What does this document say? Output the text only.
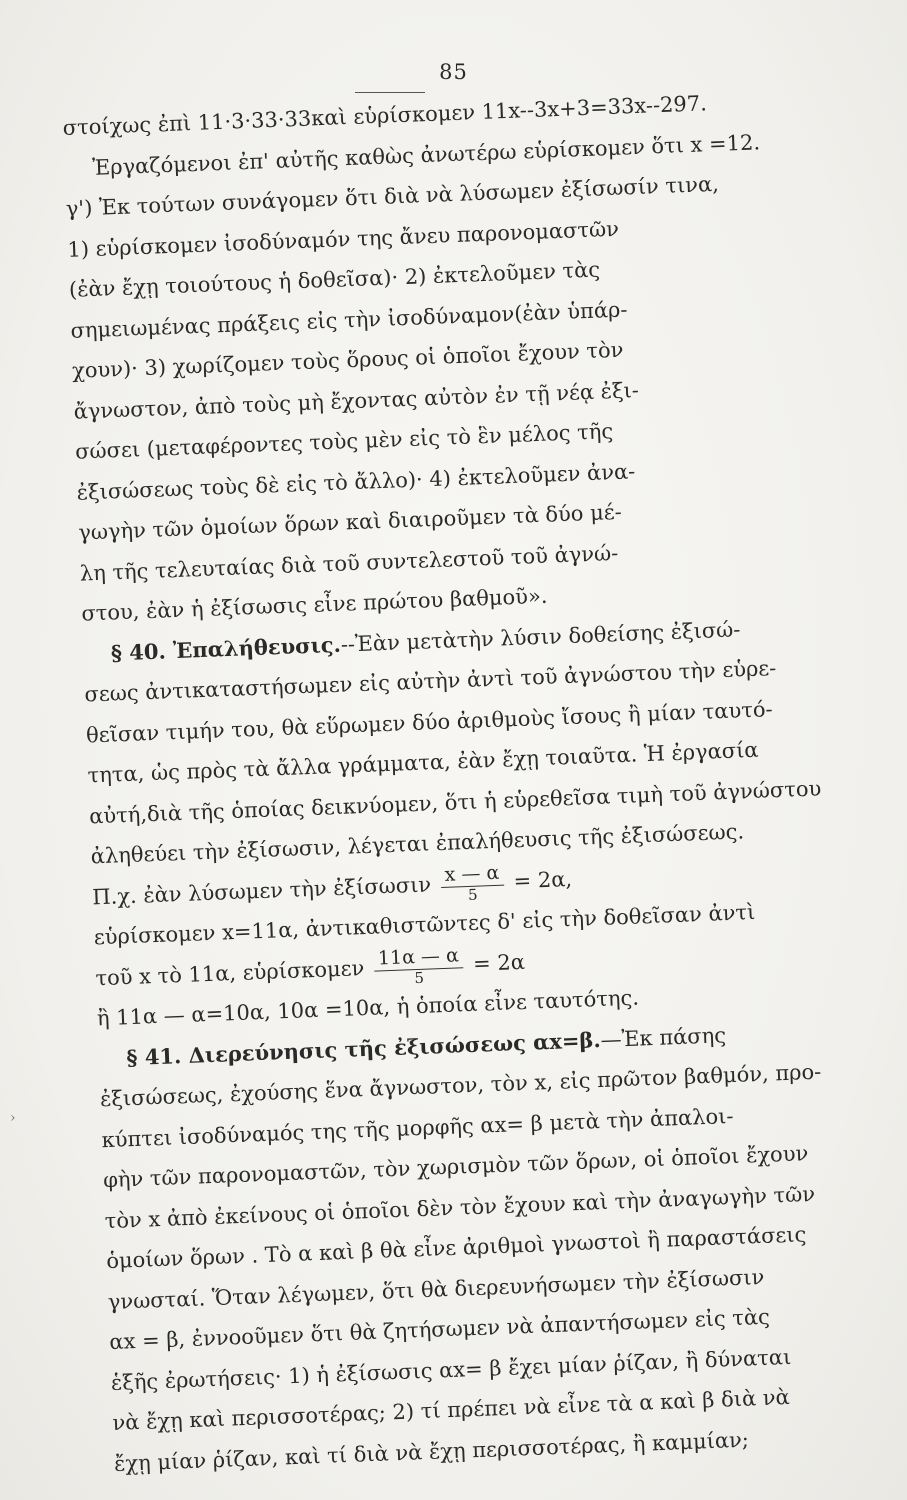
85
›
στοίχως ἐπὶ 11·3·33·33καὶ εὑρίσκομεν 11x--3x+3=33x--297.
Ἐργαζόμενοι ἐπ' αὐτῆς καθὼς ἀνωτέρω εὑρίσκομεν ὅτι x =12.
γ') Ἐκ τούτων συνάγομεν ὅτι διὰ νὰ λύσωμεν ἐξίσωσίν τινα,
1) εὑρίσκομεν ἰσοδύναμόν της ἄνευ παρονομαστῶν
(ἐὰν ἔχῃ τοιούτους ἡ δοθεῖσα)· 2) ἐκτελοῦμεν τὰς
σημειωμένας πράξεις εἰς τὴν ἰσοδύναμον(ἐὰν ὑπάρ-
χουν)· 3) χωρίζομεν τοὺς ὅρους οἱ ὁποῖοι ἔχουν τὸν
ἄγνωστον, ἀπὸ τοὺς μὴ ἔχοντας αὐτὸν ἐν τῇ νέᾳ ἐξι-
σώσει (μεταφέροντες τοὺς μὲν εἰς τὸ ἓν μέλος τῆς
ἐξισώσεως τοὺς δὲ εἰς τὸ ἄλλο)· 4) ἐκτελοῦμεν ἀνα-
γωγὴν τῶν ὁμοίων ὅρων καὶ διαιροῦμεν τὰ δύο μέ-
λη τῆς τελευταίας διὰ τοῦ συντελεστοῦ τοῦ ἀγνώ-
στου, ἐὰν ἡ ἐξίσωσις εἶνε πρώτου βαθμοῦ».
§ 40. Ἐπαλήθευσις.--Ἐὰν μετὰτὴν λύσιν δοθείσης ἐξισώ-
σεως ἀντικαταστήσωμεν εἰς αὐτὴν ἀντὶ τοῦ ἀγνώστου τὴν εὑρε-
θεῖσαν τιμήν του, θὰ εὕρωμεν δύο ἀριθμοὺς ἴσους ἢ μίαν ταυτό-
τητα, ὡς πρὸς τὰ ἄλλα γράμματα, ἐὰν ἔχῃ τοιαῦτα. Ἡ ἐργασία
αὐτή,διὰ τῆς ὁποίας δεικνύομεν, ὅτι ἡ εὑρεθεῖσα τιμὴ τοῦ ἀγνώστου
ἀληθεύει τὴν ἐξίσωσιν, λέγεται ἐπαλήθευσις τῆς ἐξισώσεως.
Π.χ. ἐὰν λύσωμεν τὴν ἐξίσωσιν $\frac{x — \alpha}{5} = 2\alpha$,
εὑρίσκομεν x=11α, ἀντικαθιστῶντες δ' εἰς τὴν δοθεῖσαν ἀντὶ
τοῦ x τὸ 11α, εὑρίσκομεν $\frac{11\alpha — \alpha}{5} = 2\alpha$
ἢ 11α — α=10α, 10α =10α, ἡ ὁποία εἶνε ταυτότης.
§ 41. Διερεύνησις τῆς ἐξισώσεως αx=β.—Ἐκ πάσης
ἐξισώσεως, ἐχούσης ἕνα ἄγνωστον, τὸν x, εἰς πρῶτον βαθμόν, προ-
κύπτει ἰσοδύναμός της τῆς μορφῆς αx= β μετὰ τὴν ἀπαλοι-
φὴν τῶν παρονομαστῶν, τὸν χωρισμὸν τῶν ὅρων, οἱ ὁποῖοι ἔχουν
τὸν x ἀπὸ ἐκείνους οἱ ὁποῖοι δὲν τὸν ἔχουν καὶ τὴν ἀναγωγὴν τῶν
ὁμοίων ὅρων . Τὸ α καὶ β θὰ εἶνε ἀριθμοὶ γνωστοὶ ἢ παραστάσεις
γνωσταί. Ὅταν λέγωμεν, ὅτι θὰ διερευνήσωμεν τὴν ἐξίσωσιν
αx = β, ἐννοοῦμεν ὅτι θὰ ζητήσωμεν νὰ ἀπαντήσωμεν εἰς τὰς
ἑξῆς ἐρωτήσεις· 1) ἡ ἐξίσωσις αx= β ἔχει μίαν ῥίζαν, ἢ δύναται
νὰ ἔχῃ καὶ περισσοτέρας; 2) τί πρέπει νὰ εἶνε τὰ α καὶ β διὰ νὰ
ἔχῃ μίαν ῥίζαν, καὶ τί διὰ νὰ ἔχῃ περισσοτέρας, ἢ καμμίαν;
